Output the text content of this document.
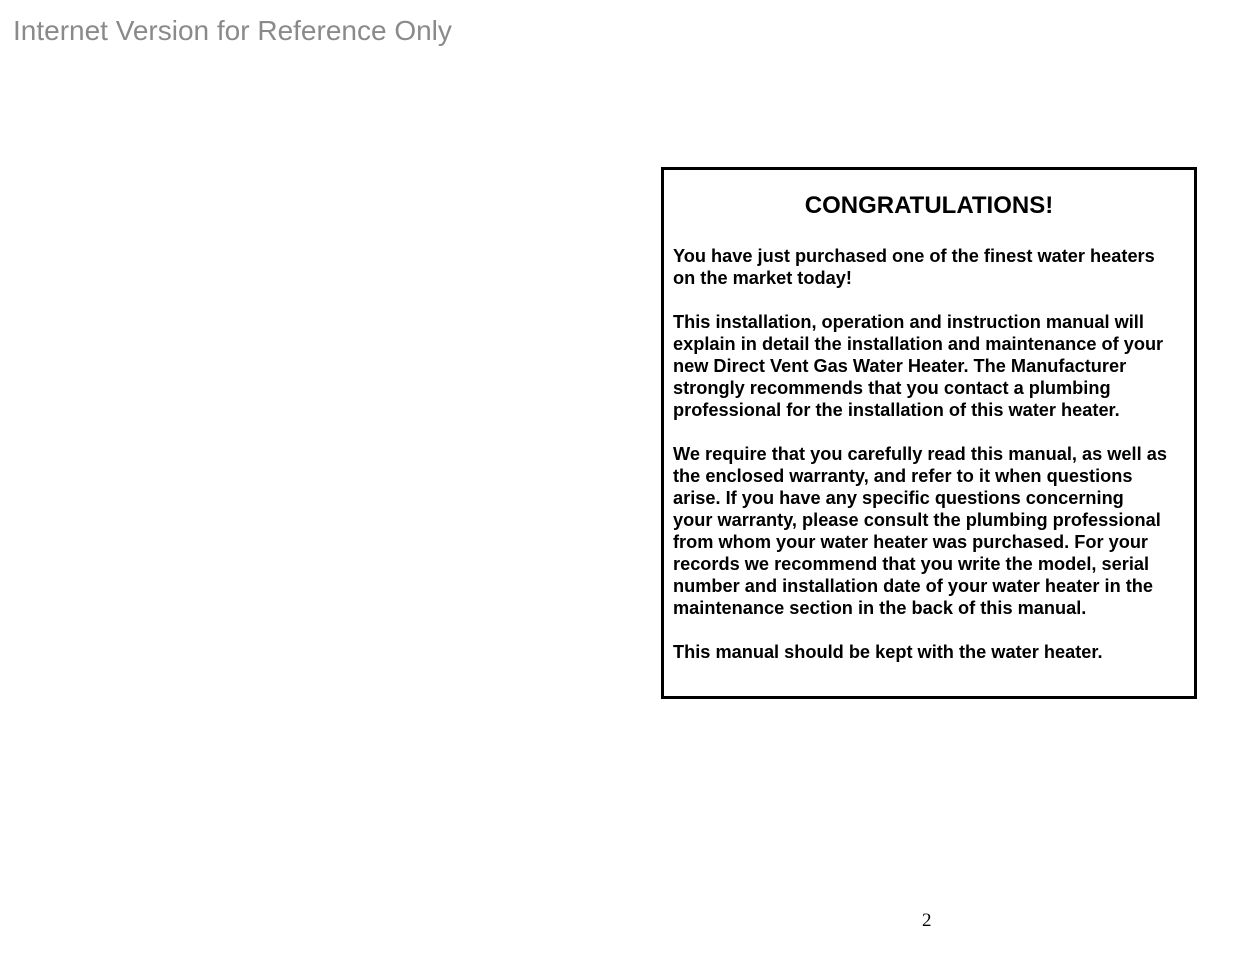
Internet Version for Reference Only
CONGRATULATIONS!
You have just purchased one of the finest water heaters
on the market today!
This installation, operation and instruction manual will
explain in detail the installation and maintenance of your
new Direct Vent Gas Water Heater. The Manufacturer
strongly recommends that you contact a plumbing
professional for the installation of this water heater.
We require that you carefully read this manual, as well as
the enclosed warranty, and refer to it when questions
arise. If you have any specific questions concerning
your warranty, please consult the plumbing professional
from whom your water heater was purchased. For your
records we recommend that you write the model, serial
number and installation date of your water heater in the
maintenance section in the back of this manual.
This manual should be kept with the water heater.
2
